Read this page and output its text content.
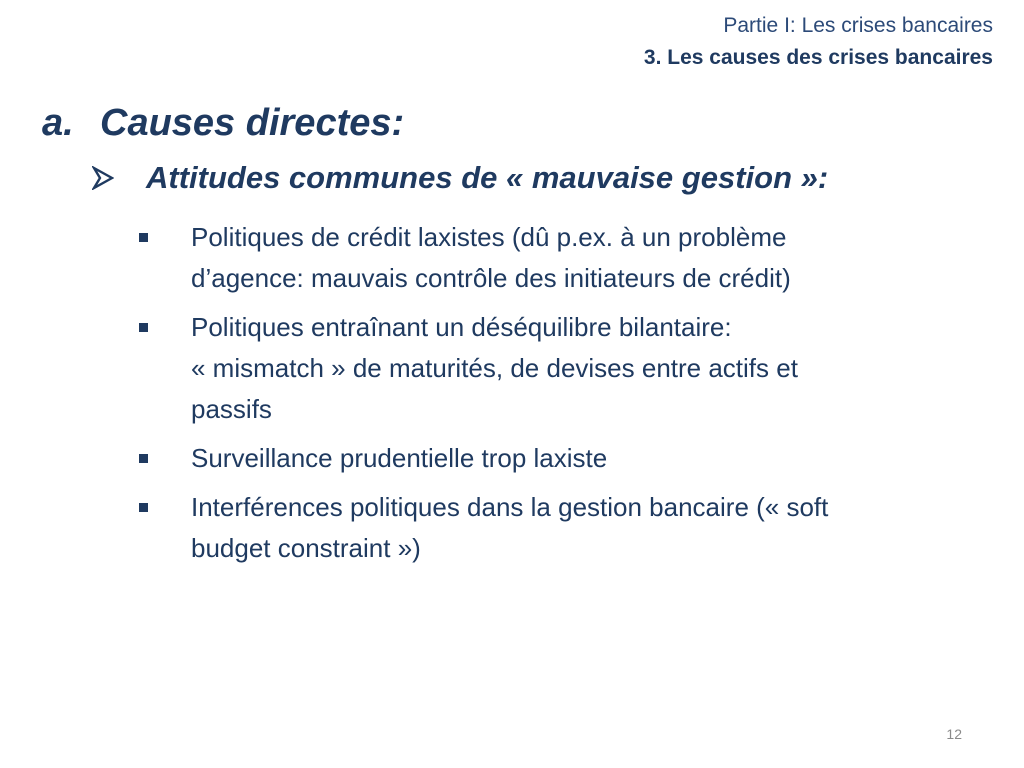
Partie I: Les crises bancaires
3. Les causes des crises bancaires
a. Causes directes:
Attitudes communes de « mauvaise gestion »:
Politiques de crédit laxistes (dû p.ex. à un problème
d’agence: mauvais contrôle des initiateurs de crédit)
Politiques entraînant un déséquilibre bilantaire:
« mismatch » de maturités, de devises entre actifs et
passifs
Surveillance prudentielle trop laxiste
Interférences politiques dans la gestion bancaire (« soft
budget constraint »)
12
